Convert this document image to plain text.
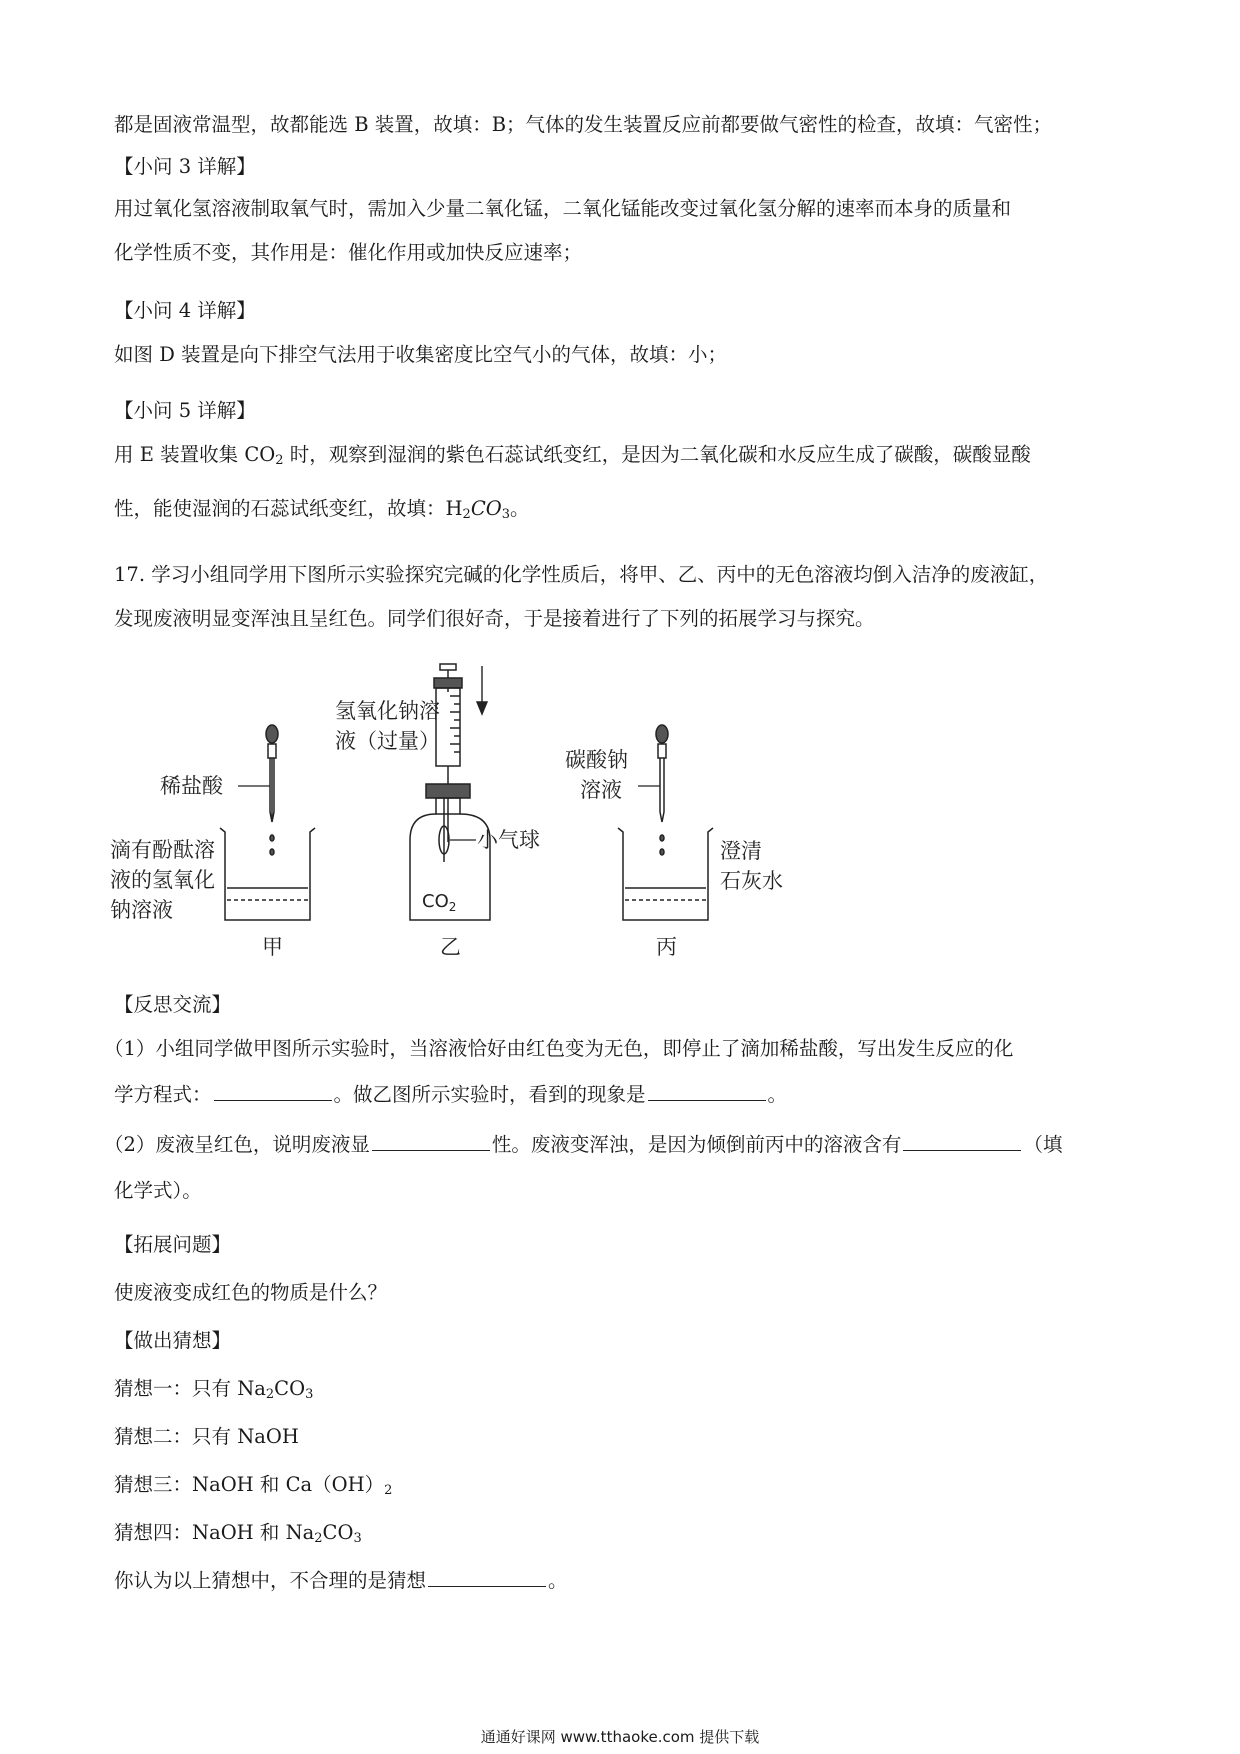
都是固液常温型，故都能选 B 装置，故填：B；气体的发生装置反应前都要做气密性的检查，故填：气密性；
【小问 3 详解】
用过氧化氢溶液制取氧气时，需加入少量二氧化锰，二氧化锰能改变过氧化氢分解的速率而本身的质量和
化学性质不变，其作用是：催化作用或加快反应速率；
【小问 4 详解】
如图 D 装置是向下排空气法用于收集密度比空气小的气体，故填：小；
【小问 5 详解】
用 E 装置收集 $CO_2$ 时，观察到湿润的紫色石蕊试纸变红，是因为二氧化碳和水反应生成了碳酸，碳酸显酸
性，能使湿润的石蕊试纸变红，故填：$H_2CO_3$。
17. 学习小组同学用下图所示实验探究完碱的化学性质后，将甲、乙、丙中的无色溶液均倒入洁净的废液缸，
发现废液明显变浑浊且呈红色。同学们很好奇，于是接着进行了下列的拓展学习与探究。
稀盐酸
滴有酚酞溶
液的氢氧化
钠溶液
甲
氢氧化钠溶
液（过量）
小气球
$CO_2$
乙
碳酸钠
溶液
澄清
石灰水
丙
【反思交流】
（1）小组同学做甲图所示实验时，当溶液恰好由红色变为无色，即停止了滴加稀盐酸，写出发生反应的化
学方程式：	。做乙图所示实验时，看到的现象是	。
（2）废液呈红色，说明废液显	性。废液变浑浊，是因为倾倒前丙中的溶液含有	（填
化学式）。
【拓展问题】
使废液变成红色的物质是什么？
【做出猜想】
猜想一：只有 $Na_2CO_3$
猜想二：只有 NaOH
猜想三：NaOH 和 $Ca(OH)_2$
猜想四：NaOH 和 $Na_2CO_3$
你认为以上猜想中，不合理的是猜想	。
通通好课网 www.tthaoke.com 提供下载
